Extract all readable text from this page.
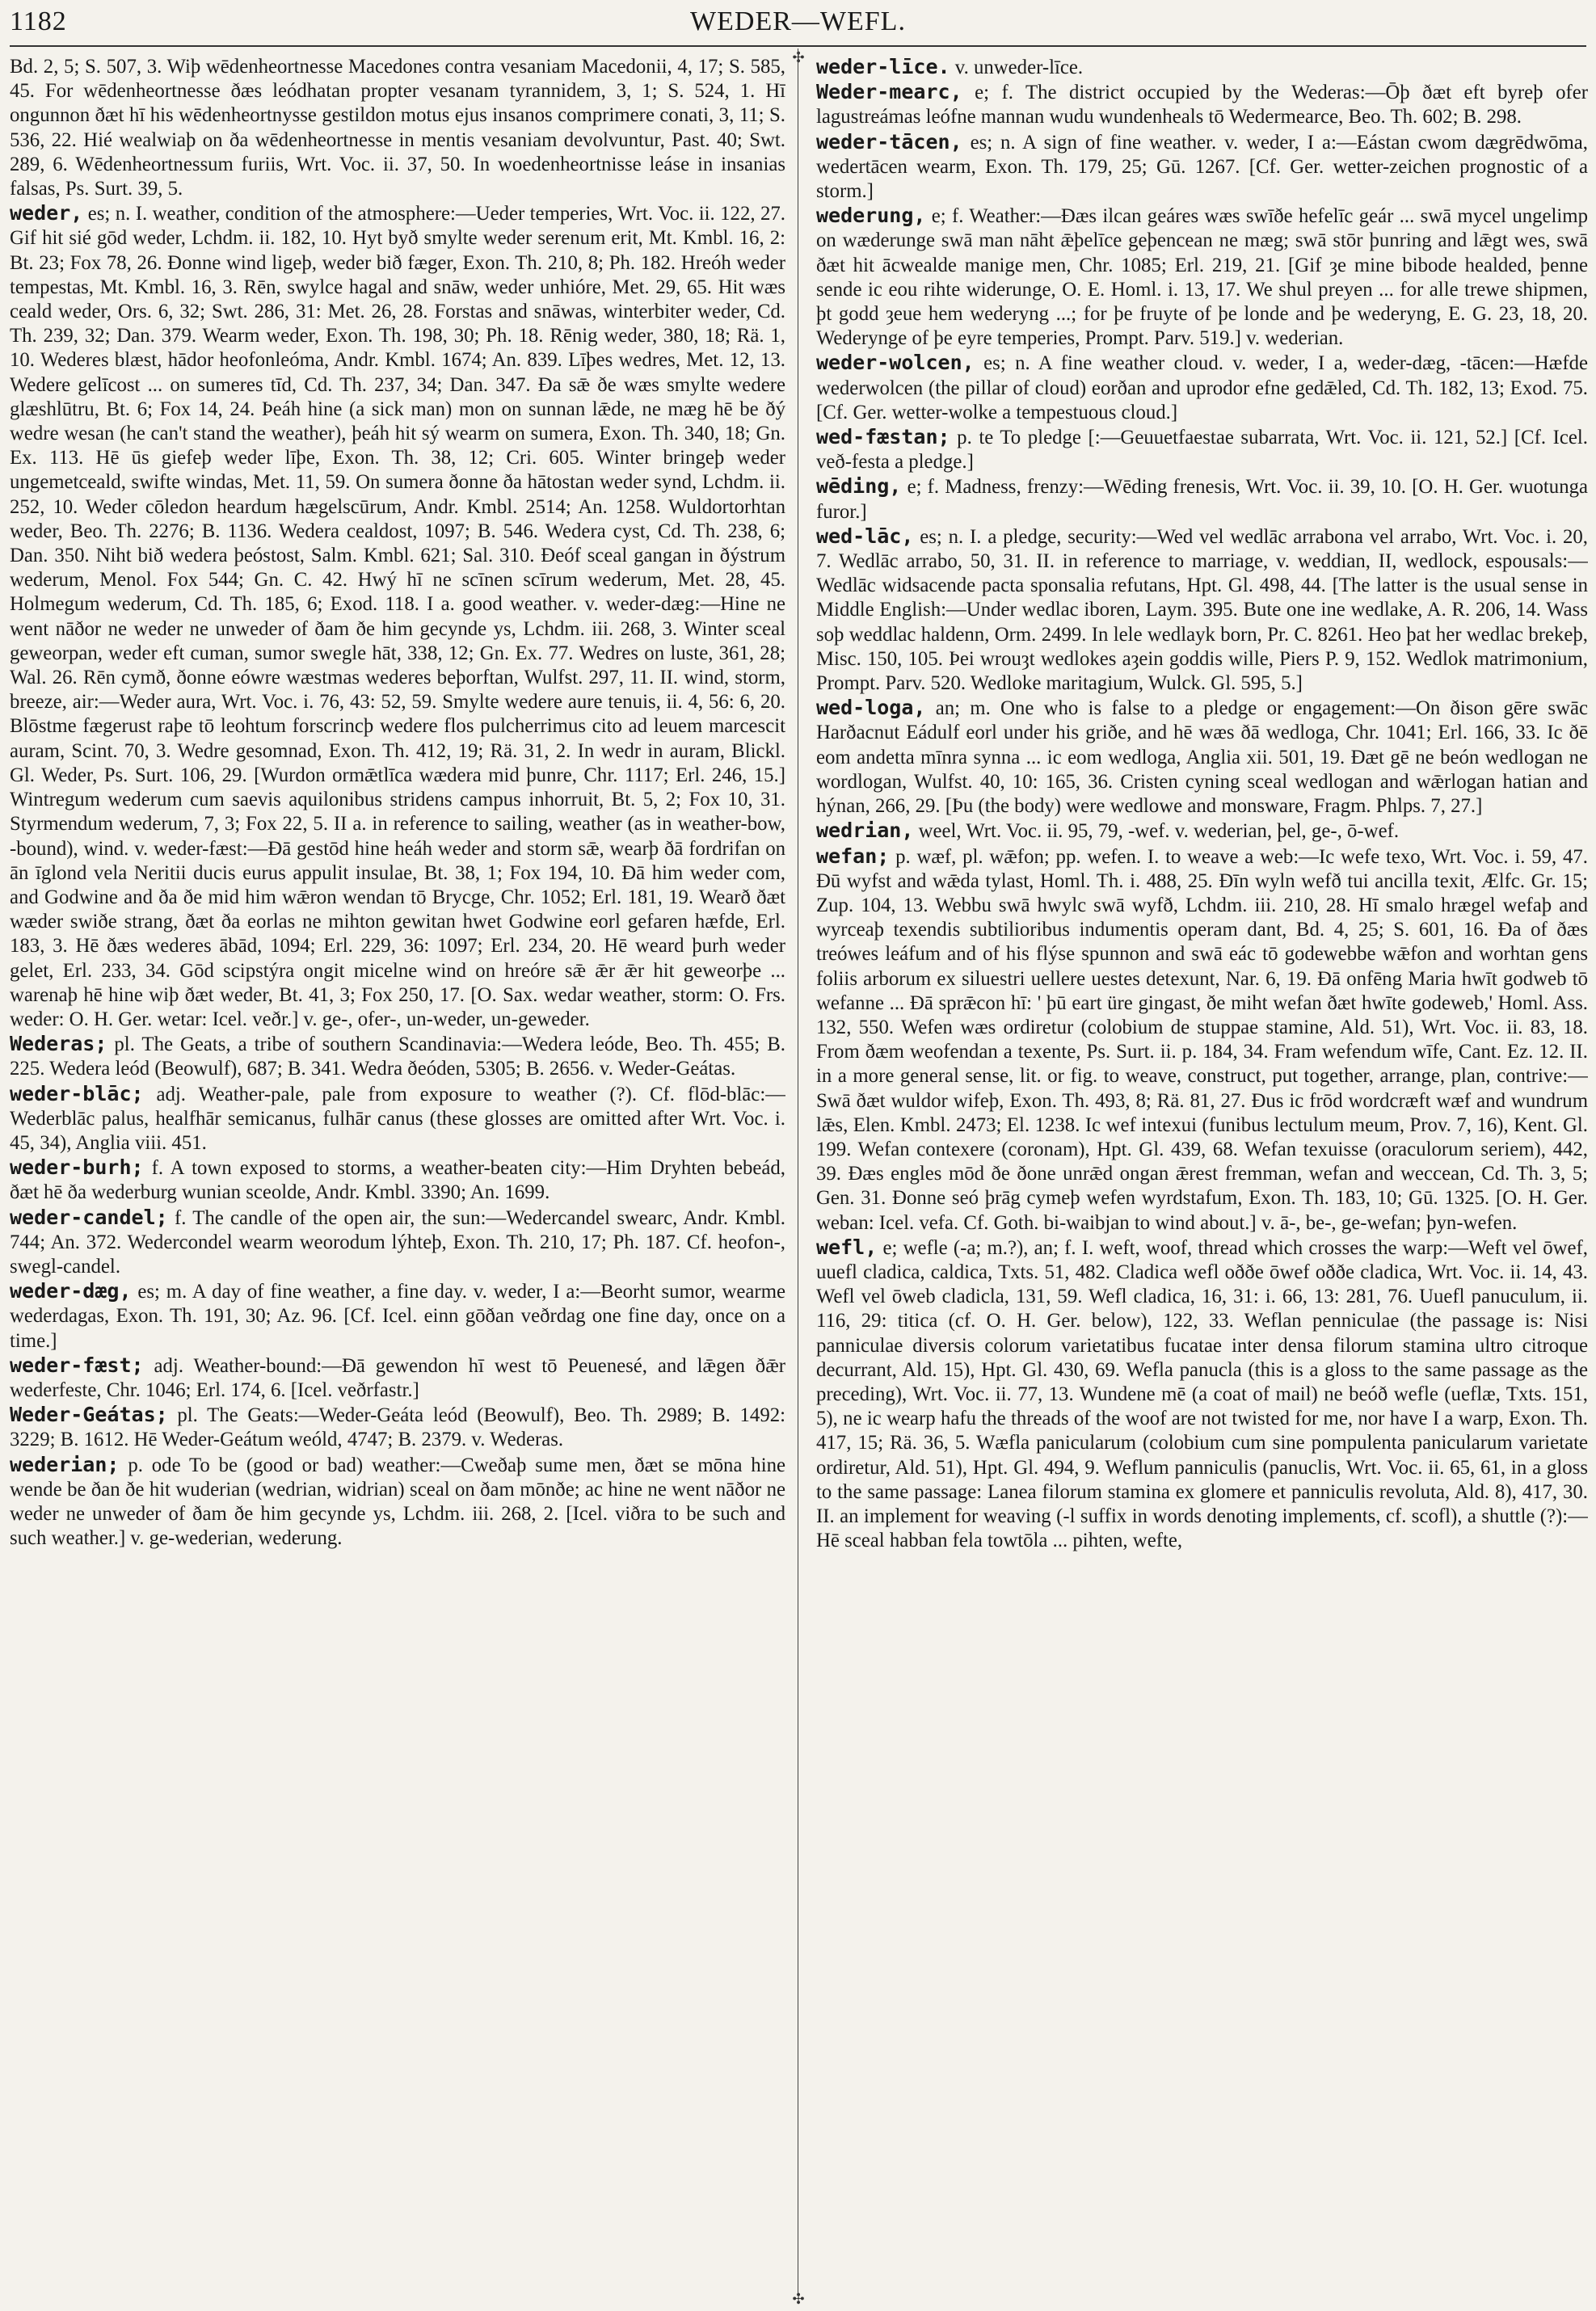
1182	WEDER—WEFL.
✣
✣

Bd. 2, 5; S. 507, 3. Wiþ wēdenheortnesse Macedones contra vesaniam Macedonii, 4, 17; S. 585, 45. For wēdenheortnesse ðæs leódhatan propter vesanam tyrannidem, 3, 1; S. 524, 1. Hī ongunnon ðæt hī his wēdenheortnysse gestildon motus ejus insanos comprimere conati, 3, 11; S. 536, 22. Hié wealwiaþ on ða wēdenheortnesse in mentis vesaniam devolvuntur, Past. 40; Swt. 289, 6. Wēdenheortnessum furiis, Wrt. Voc. ii. 37, 50. In woedenheortnisse leáse in insanias falsas, Ps. Surt. 39, 5.

weder, es; n. I. weather, condition of the atmosphere:—Ueder temperies, Wrt. Voc. ii. 122, 27. Gif hit sié gōd weder, Lchdm. ii. 182, 10. Hyt byð smylte weder serenum erit, Mt. Kmbl. 16, 2: Bt. 23; Fox 78, 26. Ðonne wind ligeþ, weder bið fæger, Exon. Th. 210, 8; Ph. 182. Hreóh weder tempestas, Mt. Kmbl. 16, 3. Rēn, swylce hagal and snāw, weder unhióre, Met. 29, 65. Hit wæs ceald weder, Ors. 6, 32; Swt. 286, 31: Met. 26, 28. Forstas and snāwas, winterbiter weder, Cd. Th. 239, 32; Dan. 379. Wearm weder, Exon. Th. 198, 30; Ph. 18. Rēnig weder, 380, 18; Rä. 1, 10. Wederes blæst, hādor heofonleóma, Andr. Kmbl. 1674; An. 839. Līþes wedres, Met. 12, 13. Wedere gelīcost ... on sumeres tīd, Cd. Th. 237, 34; Dan. 347. Ða sǣ ðe wæs smylte wedere glæshlūtru, Bt. 6; Fox 14, 24. Þeáh hine (a sick man) mon on sunnan lǣde, ne mæg hē be ðý wedre wesan (he can't stand the weather), þeáh hit sý wearm on sumera, Exon. Th. 340, 18; Gn. Ex. 113. Hē ūs giefeþ weder līþe, Exon. Th. 38, 12; Cri. 605. Winter bringeþ weder ungemetceald, swifte windas, Met. 11, 59. On sumera ðonne ða hātostan weder synd, Lchdm. ii. 252, 10. Weder cōledon heardum hægelscūrum, Andr. Kmbl. 2514; An. 1258. Wuldortorhtan weder, Beo. Th. 2276; B. 1136. Wedera cealdost, 1097; B. 546. Wedera cyst, Cd. Th. 238, 6; Dan. 350. Niht bið wedera þeóstost, Salm. Kmbl. 621; Sal. 310. Ðeóf sceal gangan in ðýstrum wederum, Menol. Fox 544; Gn. C. 42. Hwý hī ne scīnen scīrum wederum, Met. 28, 45. Holmegum wederum, Cd. Th. 185, 6; Exod. 118. I a. good weather. v. weder-dæg:—Hine ne went nāðor ne weder ne unweder of ðam ðe him gecynde ys, Lchdm. iii. 268, 3. Winter sceal geweorpan, weder eft cuman, sumor swegle hāt, 338, 12; Gn. Ex. 77. Wedres on luste, 361, 28; Wal. 26. Rēn cymð, ðonne eówre wæstmas wederes beþorftan, Wulfst. 297, 11. II. wind, storm, breeze, air:—Weder aura, Wrt. Voc. i. 76, 43: 52, 59. Smylte wedere aure tenuis, ii. 4, 56: 6, 20. Blōstme fægerust raþe tō leohtum forscrincþ wedere flos pulcherrimus cito ad leuem marcescit auram, Scint. 70, 3. Wedre gesomnad, Exon. Th. 412, 19; Rä. 31, 2. In wedr in auram, Blickl. Gl. Weder, Ps. Surt. 106, 29. [Wurdon ormǣtlīca wædera mid þunre, Chr. 1117; Erl. 246, 15.] Wintregum wederum cum saevis aquilonibus stridens campus inhorruit, Bt. 5, 2; Fox 10, 31. Styrmendum wederum, 7, 3; Fox 22, 5. II a. in reference to sailing, weather (as in weather-bow, -bound), wind. v. weder-fæst:—Ðā gestōd hine heáh weder and storm sǣ, wearþ ðā fordrifan on ān īglond vela Neritii ducis eurus appulit insulae, Bt. 38, 1; Fox 194, 10. Ðā him weder com, and Godwine and ða ðe mid him wǣron wendan tō Brycge, Chr. 1052; Erl. 181, 19. Wearð ðæt wæder swiðe strang, ðæt ða eorlas ne mihton gewitan hwet Godwine eorl gefaren hæfde, Erl. 183, 3. Hē ðæs wederes ābād, 1094; Erl. 229, 36: 1097; Erl. 234, 20. Hē weard þurh weder gelet, Erl. 233, 34. Gōd scipstýra ongit micelne wind on hreóre sǣ ǣr ǣr hit geweorþe ... warenaþ hē hine wiþ ðæt weder, Bt. 41, 3; Fox 250, 17. [O. Sax. wedar weather, storm: O. Frs. weder: O. H. Ger. wetar: Icel. veðr.] v. ge-, ofer-, un-weder, un-geweder.

Wederas; pl. The Geats, a tribe of southern Scandinavia:—Wedera leóde, Beo. Th. 455; B. 225. Wedera leód (Beowulf), 687; B. 341. Wedra ðeóden, 5305; B. 2656. v. Weder-Geátas.

weder-blāc; adj. Weather-pale, pale from exposure to weather (?). Cf. flōd-blāc:—Wederblāc palus, healfhār semicanus, fulhār canus (these glosses are omitted after Wrt. Voc. i. 45, 34), Anglia viii. 451.

weder-burh; f. A town exposed to storms, a weather-beaten city:—Him Dryhten bebeád, ðæt hē ða wederburg wunian sceolde, Andr. Kmbl. 3390; An. 1699.

weder-candel; f. The candle of the open air, the sun:—Wedercandel swearc, Andr. Kmbl. 744; An. 372. Wedercondel wearm weorodum lýhteþ, Exon. Th. 210, 17; Ph. 187. Cf. heofon-, swegl-candel.

weder-dæg, es; m. A day of fine weather, a fine day. v. weder, I a:—Beorht sumor, wearme wederdagas, Exon. Th. 191, 30; Az. 96. [Cf. Icel. einn gōðan veðrdag one fine day, once on a time.]

weder-fæst; adj. Weather-bound:—Ðā gewendon hī west tō Peuenesé, and lǣgen ðǣr wederfeste, Chr. 1046; Erl. 174, 6. [Icel. veðrfastr.]

Weder-Geátas; pl. The Geats:—Weder-Geáta leód (Beowulf), Beo. Th. 2989; B. 1492: 3229; B. 1612. Hē Weder-Geátum weóld, 4747; B. 2379. v. Wederas.

wederian; p. ode To be (good or bad) weather:—Cweðaþ sume men, ðæt se mōna hine wende be ðan ðe hit wuderian (wedrian, widrian) sceal on ðam mōnðe; ac hine ne went nāðor ne weder ne unweder of ðam ðe him gecynde ys, Lchdm. iii. 268, 2. [Icel. viðra to be such and such weather.] v. ge-wederian, wederung.

weder-līce. v. unweder-līce.

Weder-mearc, e; f. The district occupied by the Wederas:—Ōþ ðæt eft byreþ ofer lagustreámas leófne mannan wudu wundenheals tō Wedermearce, Beo. Th. 602; B. 298.

weder-tācen, es; n. A sign of fine weather. v. weder, I a:—Eástan cwom dægrēdwōma, wedertācen wearm, Exon. Th. 179, 25; Gū. 1267. [Cf. Ger. wetter-zeichen prognostic of a storm.]

wederung, e; f. Weather:—Ðæs ilcan geáres wæs swīðe hefelīc geár ... swā mycel ungelimp on wæderunge swā man nāht ǣþelīce geþencean ne mæg; swā stōr þunring and lǣgt wes, swā ðæt hit ācwealde manige men, Chr. 1085; Erl. 219, 21. [Gif ȝe mine bibode healded, þenne sende ic eou rihte widerunge, O. E. Homl. i. 13, 17. We shul preyen ... for alle trewe shipmen, þt godd ȝeue hem wederyng ...; for þe fruyte of þe londe and þe wederyng, E. G. 23, 18, 20. Wederynge of þe eyre temperies, Prompt. Parv. 519.] v. wederian.

weder-wolcen, es; n. A fine weather cloud. v. weder, I a, weder-dæg, -tācen:—Hæfde wederwolcen (the pillar of cloud) eorðan and uprodor efne gedǣled, Cd. Th. 182, 13; Exod. 75. [Cf. Ger. wetter-wolke a tempestuous cloud.]

wed-fæstan; p. te To pledge [:—Geuuetfaestae subarrata, Wrt. Voc. ii. 121, 52.] [Cf. Icel. veð-festa a pledge.]

wēding, e; f. Madness, frenzy:—Wēding frenesis, Wrt. Voc. ii. 39, 10. [O. H. Ger. wuotunga furor.]

wed-lāc, es; n. I. a pledge, security:—Wed vel wedlāc arrabona vel arrabo, Wrt. Voc. i. 20, 7. Wedlāc arrabo, 50, 31. II. in reference to marriage, v. weddian, II, wedlock, espousals:—Wedlāc widsacende pacta sponsalia refutans, Hpt. Gl. 498, 44. [The latter is the usual sense in Middle English:—Under wedlac iboren, Laym. 395. Bute one ine wedlake, A. R. 206, 14. Wass soþ weddlac haldenn, Orm. 2499. In lele wedlayk born, Pr. C. 8261. Heo þat her wedlac brekeþ, Misc. 150, 105. Þei wrouȝt wedlokes aȝein goddis wille, Piers P. 9, 152. Wedlok matrimonium, Prompt. Parv. 520. Wedloke maritagium, Wulck. Gl. 595, 5.]

wed-loga, an; m. One who is false to a pledge or engagement:—On ðison gēre swāc Harðacnut Eádulf eorl under his griðe, and hē wæs ðā wedloga, Chr. 1041; Erl. 166, 33. Ic ðē eom andetta mīnra synna ... ic eom wedloga, Anglia xii. 501, 19. Ðæt gē ne beón wedlogan ne wordlogan, Wulfst. 40, 10: 165, 36. Cristen cyning sceal wedlogan and wǣrlogan hatian and hýnan, 266, 29. [Þu (the body) were wedlowe and monsware, Fragm. Phlps. 7, 27.]

wedrian, weel, Wrt. Voc. ii. 95, 79, -wef. v. wederian, þel, ge-, ō-wef.

wefan; p. wæf, pl. wǣfon; pp. wefen. I. to weave a web:—Ic wefe texo, Wrt. Voc. i. 59, 47. Ðū wyfst and wǣda tylast, Homl. Th. i. 488, 25. Ðīn wyln wefð tui ancilla texit, Ælfc. Gr. 15; Zup. 104, 13. Webbu swā hwylc swā wyfð, Lchdm. iii. 210, 28. Hī smalo hrægel wefaþ and wyrceaþ texendis subtilioribus indumentis operam dant, Bd. 4, 25; S. 601, 16. Ða of ðæs treówes leáfum and of his flýse spunnon and swā eác tō godewebbe wǣfon and worhtan gens foliis arborum ex siluestri uellere uestes detexunt, Nar. 6, 19. Ðā onfēng Maria hwīt godweb tō wefanne ... Ðā sprǣcon hī: ' þū eart üre gingast, ðe miht wefan ðæt hwīte godeweb,' Homl. Ass. 132, 550. Wefen wæs ordiretur (colobium de stuppae stamine, Ald. 51), Wrt. Voc. ii. 83, 18. From ðæm weofendan a texente, Ps. Surt. ii. p. 184, 34. Fram wefendum wīfe, Cant. Ez. 12. II. in a more general sense, lit. or fig. to weave, construct, put together, arrange, plan, contrive:—Swā ðæt wuldor wifeþ, Exon. Th. 493, 8; Rä. 81, 27. Ðus ic frōd wordcræft wæf and wundrum lǣs, Elen. Kmbl. 2473; El. 1238. Ic wef intexui (funibus lectulum meum, Prov. 7, 16), Kent. Gl. 199. Wefan contexere (coronam), Hpt. Gl. 439, 68. Wefan texuisse (oraculorum seriem), 442, 39. Ðæs engles mōd ðe ðone unrǣd ongan ǣrest fremman, wefan and weccean, Cd. Th. 3, 5; Gen. 31. Ðonne seó þrāg cymeþ wefen wyrdstafum, Exon. Th. 183, 10; Gū. 1325. [O. H. Ger. weban: Icel. vefa. Cf. Goth. bi-waibjan to wind about.] v. ā-, be-, ge-wefan; þyn-wefen.

wefl, e; wefle (-a; m.?), an; f. I. weft, woof, thread which crosses the warp:—Weft vel ōwef, uuefl cladica, caldica, Txts. 51, 482. Cladica wefl oððe ōwef oððe cladica, Wrt. Voc. ii. 14, 43. Wefl vel ōweb cladicla, 131, 59. Wefl cladica, 16, 31: i. 66, 13: 281, 76. Uuefl panuculum, ii. 116, 29: titica (cf. O. H. Ger. below), 122, 33. Weflan penniculae (the passage is: Nisi panniculae diversis colorum varietatibus fucatae inter densa filorum stamina ultro citroque decurrant, Ald. 15), Hpt. Gl. 430, 69. Wefla panucla (this is a gloss to the same passage as the preceding), Wrt. Voc. ii. 77, 13. Wundene mē (a coat of mail) ne beóð wefle (ueflæ, Txts. 151, 5), ne ic wearp hafu the threads of the woof are not twisted for me, nor have I a warp, Exon. Th. 417, 15; Rä. 36, 5. Wæfla panicularum (colobium cum sine pompulenta panicularum varietate ordiretur, Ald. 51), Hpt. Gl. 494, 9. Weflum panniculis (panuclis, Wrt. Voc. ii. 65, 61, in a gloss to the same passage: Lanea filorum stamina ex glomere et panniculis revoluta, Ald. 8), 417, 30. II. an implement for weaving (-l suffix in words denoting implements, cf. scofl), a shuttle (?):—Hē sceal habban fela towtōla ... pihten, wefte,
